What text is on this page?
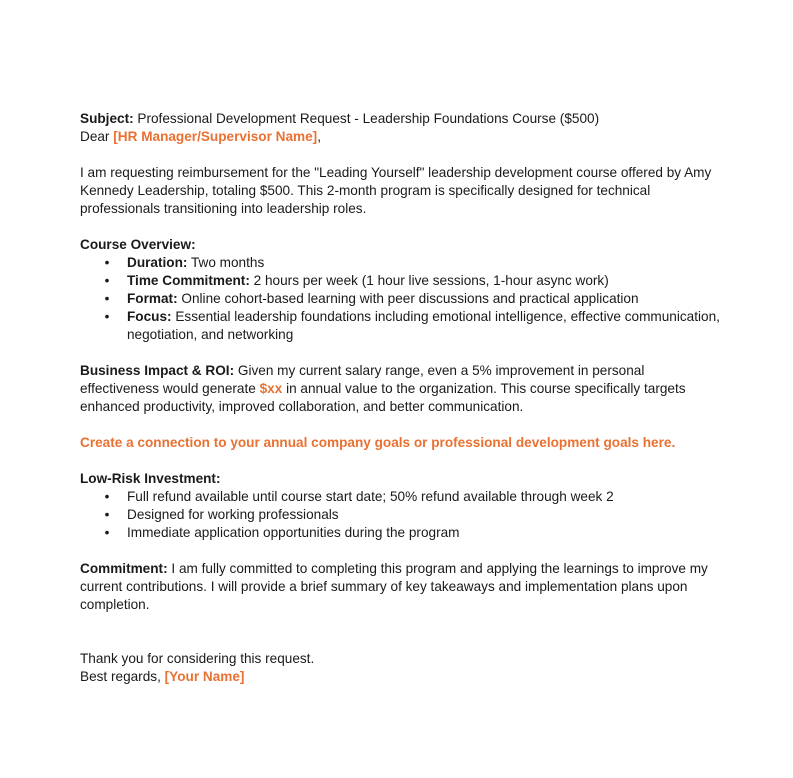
Subject: Professional Development Request - Leadership Foundations Course ($500)

Dear [HR Manager/Supervisor Name],

I am requesting reimbursement for the "Leading Yourself" leadership development course offered by Amy Kennedy Leadership, totaling $500. This 2-month program is specifically designed for technical professionals transitioning into leadership roles.

Course Overview:

• Duration: Two months
• Time Commitment: 2 hours per week (1 hour live sessions, 1-hour async work)
• Format: Online cohort-based learning with peer discussions and practical application
• Focus: Essential leadership foundations including emotional intelligence, effective communication, negotiation, and networking

Business Impact & ROI: Given my current salary range, even a 5% improvement in personal effectiveness would generate $xx in annual value to the organization. This course specifically targets enhanced productivity, improved collaboration, and better communication.

Create a connection to your annual company goals or professional development goals here.

Low-Risk Investment:

• Full refund available until course start date; 50% refund available through week 2
• Designed for working professionals
• Immediate application opportunities during the program

Commitment: I am fully committed to completing this program and applying the learnings to improve my current contributions. I will provide a brief summary of key takeaways and implementation plans upon completion.

Thank you for considering this request.

Best regards, [Your Name]
